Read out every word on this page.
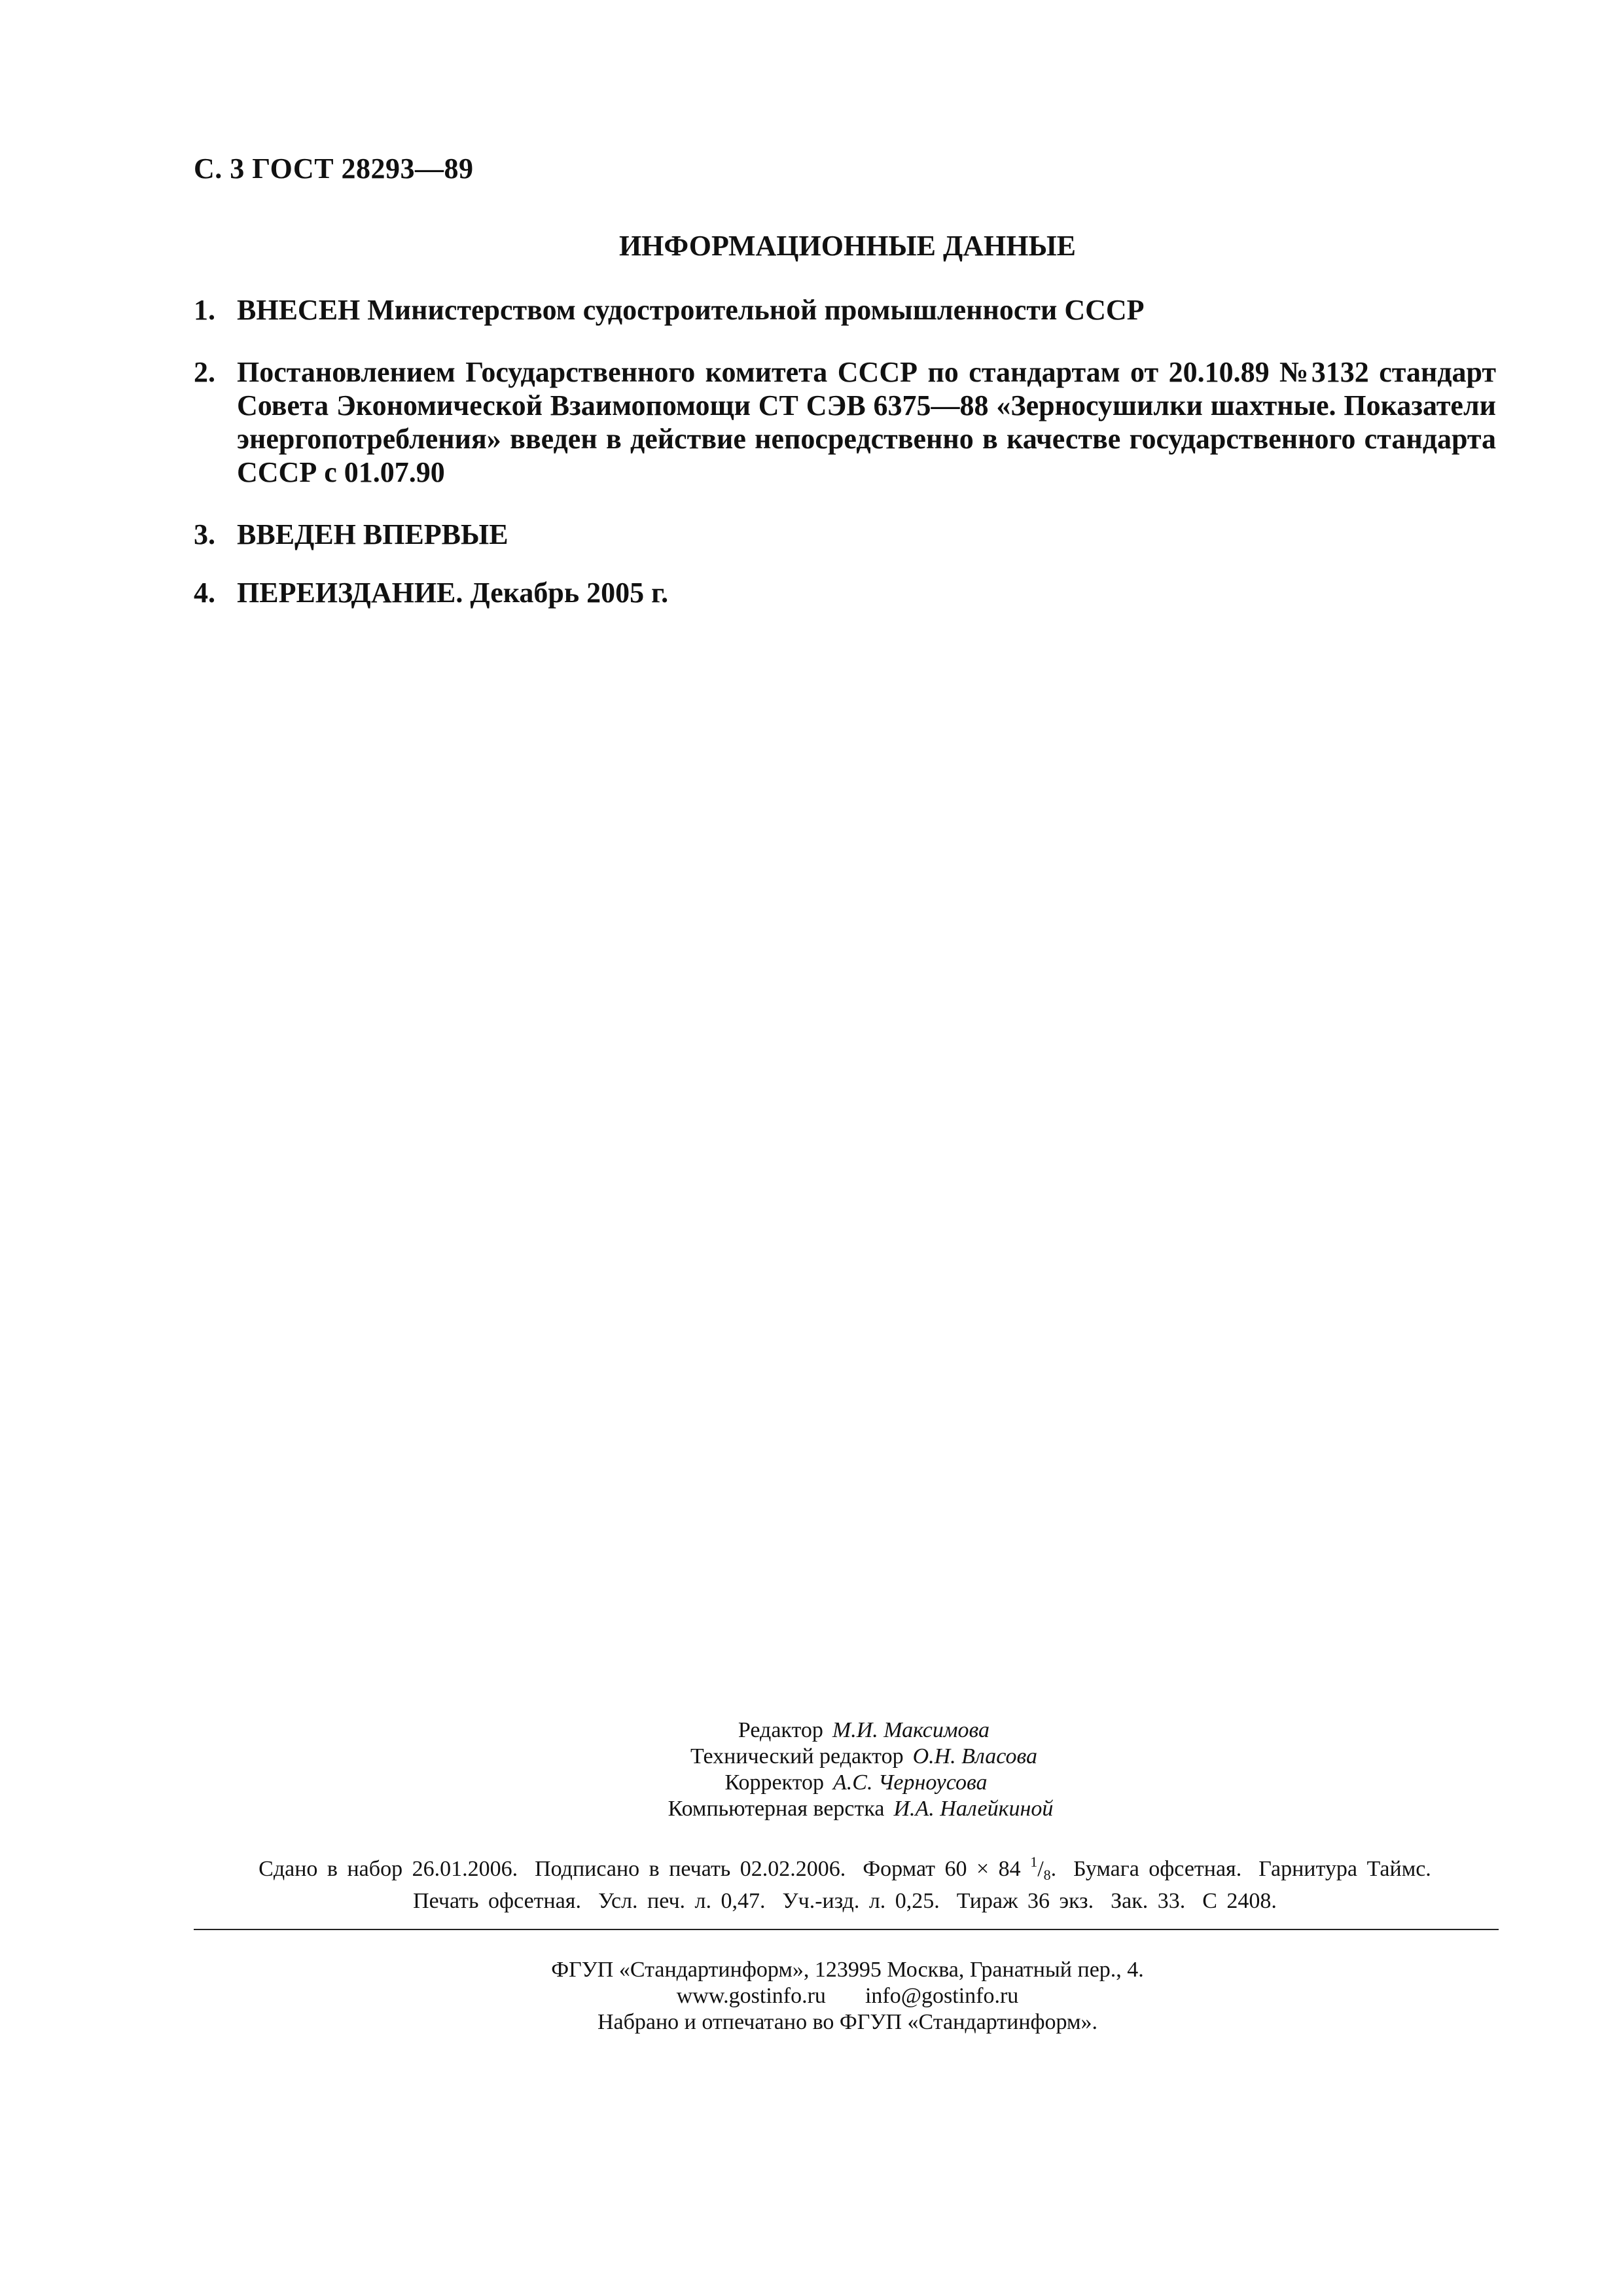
С. 3 ГОСТ 28293—89
ИНФОРМАЦИОННЫЕ ДАННЫЕ
1. ВНЕСЕН Министерством судостроительной промышленности СССР
2. Постановлением Государственного комитета СССР по стандартам от 20.10.89 №3132 стандарт Совета Экономической Взаимопомощи СТ СЭВ 6375—88 «Зерносушилки шахтные. Показатели энергопотребления» введен в действие непосредственно в качестве государственного стандарта СССР с 01.07.90
3. ВВЕДЕН ВПЕРВЫЕ
4. ПЕРЕИЗДАНИЕ. Декабрь 2005 г.
Редактор М.И. Максимова
Технический редактор О.Н. Власова
Корректор А.С. Черноусова
Компьютерная верстка И.А. Налейкиной
Сдано в набор 26.01.2006. Подписано в печать 02.02.2006. Формат 60 × 84 $^1/_8$. Бумага офсетная. Гарнитура Таймс.
Печать офсетная. Усл. печ. л. 0,47. Уч.-изд. л. 0,25. Тираж 36 экз. Зак. 33. С 2408.
ФГУП «Стандартинформ», 123995 Москва, Гранатный пер., 4.
www.gostinfo.ru info@gostinfo.ru
Набрано и отпечатано во ФГУП «Стандартинформ».
